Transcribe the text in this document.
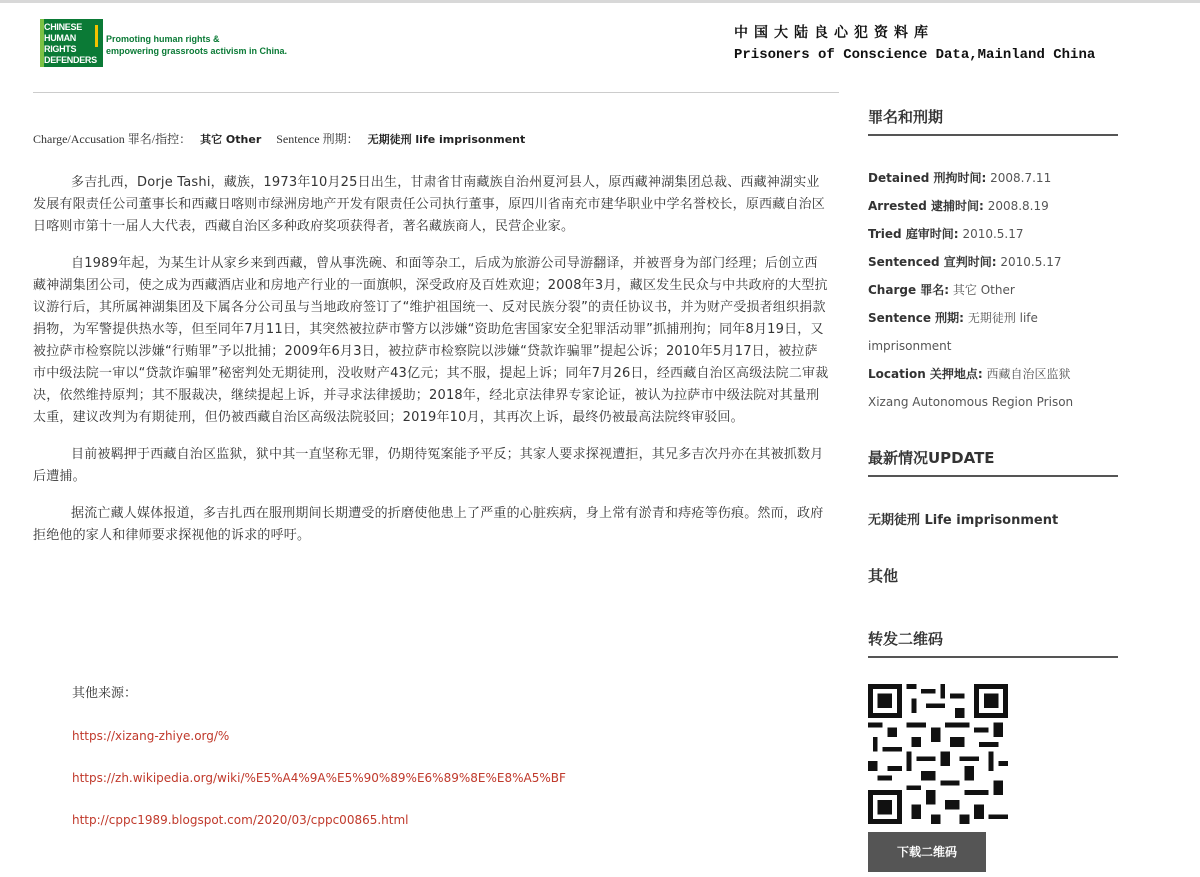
CHINESE
HUMAN
RIGHTS
DEFENDERS
Promoting human rights &
empowering grassroots activism in China.
中国大陆良心犯资料库
Prisoners of Conscience Data,Mainland China
Charge/Accusation 罪名/指控： 其它 Other Sentence 刑期： 无期徒刑 life imprisonment

多吉扎西，Dorje Tashi，藏族，1973年10月25日出生，甘肃省甘南藏族自治州夏河县人，原西藏神湖集团总裁、西藏神湖实业发展有限责任公司董事长和西藏日喀则市绿洲房地产开发有限责任公司执行董事，原四川省南充市建华职业中学名誉校长，原西藏自治区日喀则市第十一届人大代表，西藏自治区多种政府奖项获得者，著名藏族商人，民营企业家。

自1989年起，为某生计从家乡来到西藏，曾从事洗碗、和面等杂工，后成为旅游公司导游翻译，并被晋身为部门经理；后创立西藏神湖集团公司，使之成为西藏酒店业和房地产行业的一面旗帜，深受政府及百姓欢迎；2008年3月，藏区发生民众与中共政府的大型抗议游行后，其所属神湖集团及下属各分公司虽与当地政府签订了“维护祖国统一、反对民族分裂”的责任协议书，并为财产受损者组织捐款捐物，为军警提供热水等，但至同年7月11日，其突然被拉萨市警方以涉嫌“资助危害国家安全犯罪活动罪”抓捕刑拘；同年8月19日，又被拉萨市检察院以涉嫌“行贿罪”予以批捕；2009年6月3日，被拉萨市检察院以涉嫌“贷款诈骗罪”提起公诉；2010年5月17日，被拉萨市中级法院一审以“贷款诈骗罪”秘密判处无期徒刑，没收财产43亿元；其不服，提起上诉；同年7月26日，经西藏自治区高级法院二审裁决，依然维持原判；其不服裁决，继续提起上诉，并寻求法律援助；2018年，经北京法律界专家论证，被认为拉萨市中级法院对其量刑太重，建议改判为有期徒刑，但仍被西藏自治区高级法院驳回；2019年10月，其再次上诉，最终仍被最高法院终审驳回。

目前被羁押于西藏自治区监狱，狱中其一直坚称无罪，仍期待冤案能予平反；其家人要求探视遭拒，其兄多吉次丹亦在其被抓数月后遭捕。

据流亡藏人媒体报道，多吉扎西在服刑期间长期遭受的折磨使他患上了严重的心脏疾病，身上常有淤青和痔疮等伤痕。然而，政府拒绝他的家人和律师要求探视他的诉求的呼吁。

其他来源：
https://xizang-zhiye.org/%
https://zh.wikipedia.org/wiki/%E5%A4%9A%E5%90%89%E6%89%8E%E8%A5%BF
http://cppc1989.blogspot.com/2020/03/cppc00865.html
罪名和刑期
Detained 刑拘时间: 2008.7.11
Arrested 逮捕时间: 2008.8.19
Tried 庭审时间: 2010.5.17
Sentenced 宣判时间: 2010.5.17
Charge 罪名: 其它 Other
Sentence 刑期: 无期徒刑 life imprisonment
Location 关押地点: 西藏自治区监狱 Xizang Autonomous Region Prison
最新情况UPDATE
无期徒刑 Life imprisonment
其他
转发二维码
下载二维码
